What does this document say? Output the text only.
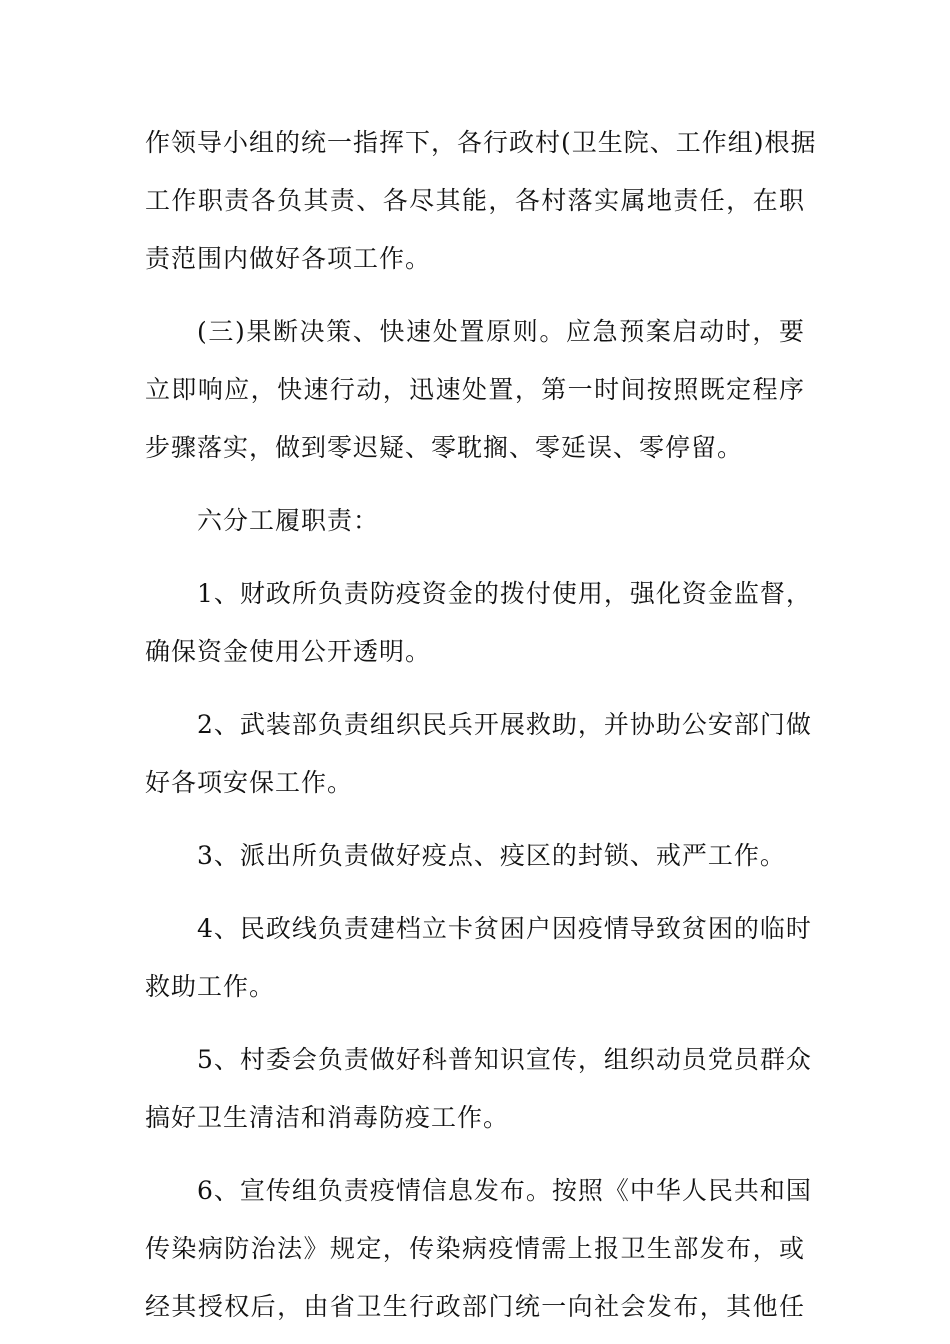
作领导小组的统一指挥下，各行政村(卫生院、工作组)根据
工作职责各负其责、各尽其能，各村落实属地责任，在职
责范围内做好各项工作。
(三)果断决策、快速处置原则。应急预案启动时，要
立即响应，快速行动，迅速处置，第一时间按照既定程序
步骤落实，做到零迟疑、零耽搁、零延误、零停留。
六分工履职责：
1、财政所负责防疫资金的拨付使用，强化资金监督，
确保资金使用公开透明。
2、武装部负责组织民兵开展救助，并协助公安部门做
好各项安保工作。
3、派出所负责做好疫点、疫区的封锁、戒严工作。
4、民政线负责建档立卡贫困户因疫情导致贫困的临时
救助工作。
5、村委会负责做好科普知识宣传，组织动员党员群众
搞好卫生清洁和消毒防疫工作。
6、宣传组负责疫情信息发布。按照《中华人民共和国
传染病防治法》规定，传染病疫情需上报卫生部发布，或
经其授权后，由省卫生行政部门统一向社会发布，其他任
